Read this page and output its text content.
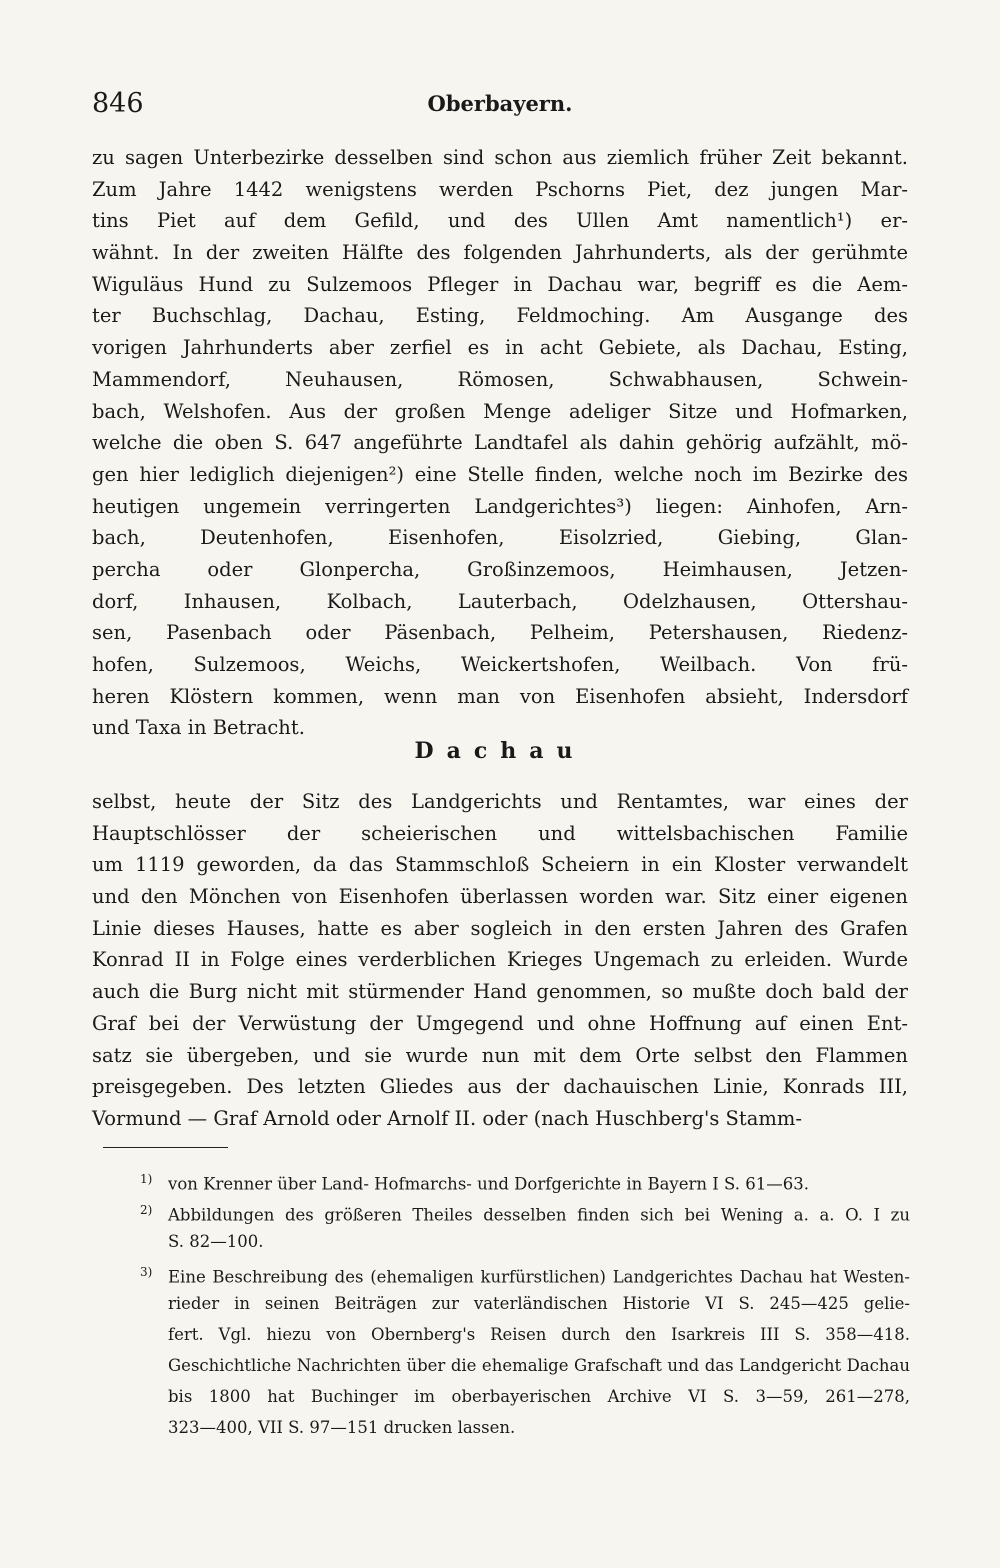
846	Oberbayern.
zu sagen Unterbezirke desselben sind schon aus ziemlich früher Zeit bekannt.
Zum Jahre 1442 wenigstens werden Pschorns Piet, dez jungen Mar-
tins Piet auf dem Gefild, und des Ullen Amt namentlich¹) er-
wähnt. In der zweiten Hälfte des folgenden Jahrhunderts, als der gerühmte
Wiguläus Hund zu Sulzemoos Pfleger in Dachau war, begriff es die Aem-
ter Buchschlag, Dachau, Esting, Feldmoching. Am Ausgange des
vorigen Jahrhunderts aber zerfiel es in acht Gebiete, als Dachau, Esting,
Mammendorf, Neuhausen, Römosen, Schwabhausen, Schwein-
bach, Welshofen. Aus der großen Menge adeliger Sitze und Hofmarken,
welche die oben S. 647 angeführte Landtafel als dahin gehörig aufzählt, mö-
gen hier lediglich diejenigen²) eine Stelle finden, welche noch im Bezirke des
heutigen ungemein verringerten Landgerichtes³) liegen: Ainhofen, Arn-
bach, Deutenhofen, Eisenhofen, Eisolzried, Giebing, Glan-
percha oder Glonpercha, Großinzemoos, Heimhausen, Jetzen-
dorf, Inhausen, Kolbach, Lauterbach, Odelzhausen, Ottershau-
sen, Pasenbach oder Päsenbach, Pelheim, Petershausen, Riedenz-
hofen, Sulzemoos, Weichs, Weickertshofen, Weilbach. Von frü-
heren Klöstern kommen, wenn man von Eisenhofen absieht, Indersdorf
und Taxa in Betracht.
Dachau
selbst, heute der Sitz des Landgerichts und Rentamtes, war eines der
Hauptschlösser der scheierischen und wittelsbachischen Familie
um 1119 geworden, da das Stammschloß Scheiern in ein Kloster verwandelt
und den Mönchen von Eisenhofen überlassen worden war. Sitz einer eigenen
Linie dieses Hauses, hatte es aber sogleich in den ersten Jahren des Grafen
Konrad II in Folge eines verderblichen Krieges Ungemach zu erleiden. Wurde
auch die Burg nicht mit stürmender Hand genommen, so mußte doch bald der
Graf bei der Verwüstung der Umgegend und ohne Hoffnung auf einen Ent-
satz sie übergeben, und sie wurde nun mit dem Orte selbst den Flammen
preisgegeben. Des letzten Gliedes aus der dachauischen Linie, Konrads III,
Vormund — Graf Arnold oder Arnolf II. oder (nach Huschberg's Stamm-
1) von Krenner über Land- Hofmarchs- und Dorfgerichte in Bayern I S. 61—63.
2) Abbildungen des größeren Theiles desselben finden sich bei Wening a. a. O. I zu
S. 82—100.
3) Eine Beschreibung des (ehemaligen kurfürstlichen) Landgerichtes Dachau hat Westen-
rieder in seinen Beiträgen zur vaterländischen Historie VI S. 245—425 gelie-
fert. Vgl. hiezu von Obernberg's Reisen durch den Isarkreis III S. 358—418.
Geschichtliche Nachrichten über die ehemalige Grafschaft und das Landgericht Dachau
bis 1800 hat Buchinger im oberbayerischen Archive VI S. 3—59, 261—278,
323—400, VII S. 97—151 drucken lassen.
